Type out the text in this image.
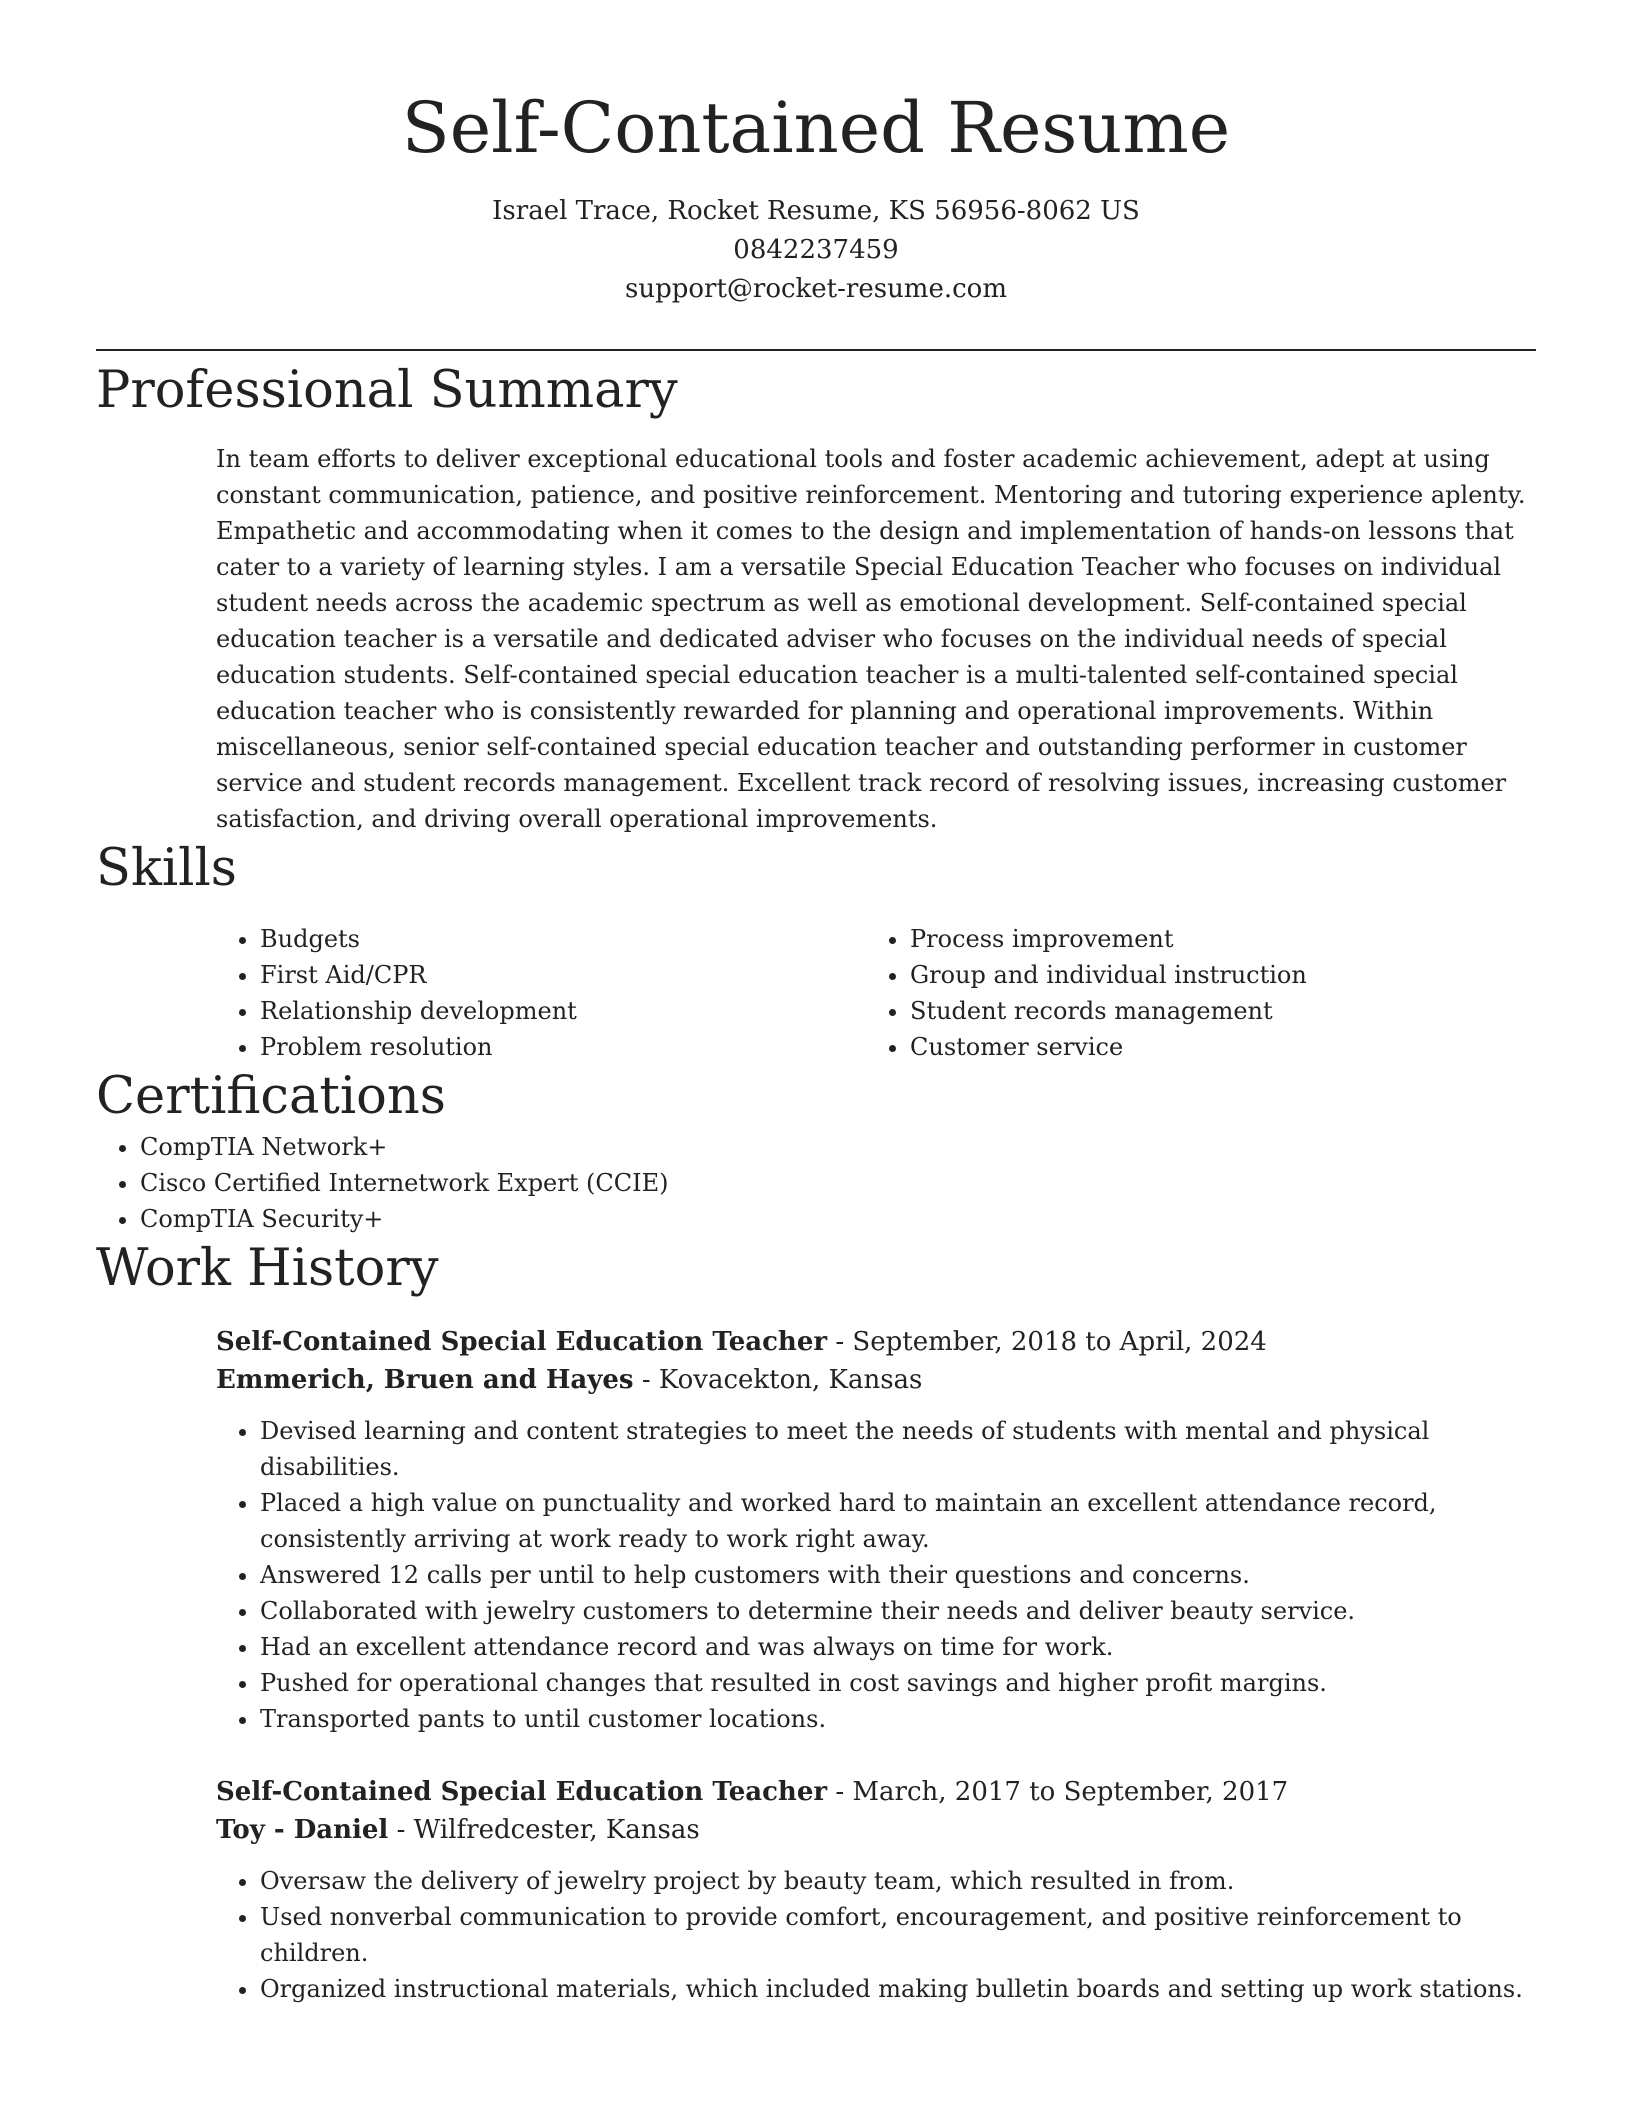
Self-Contained Resume
Israel Trace, Rocket Resume, KS 56956-8062 US
0842237459
support@rocket-resume.com
Professional Summary

In team efforts to deliver exceptional educational tools and foster academic achievement, adept at using constant communication, patience, and positive reinforcement. Mentoring and tutoring experience aplenty. Empathetic and accommodating when it comes to the design and implementation of hands-on lessons that cater to a variety of learning styles. I am a versatile Special Education Teacher who focuses on individual student needs across the academic spectrum as well as emotional development. Self-contained special education teacher is a versatile and dedicated adviser who focuses on the individual needs of special education students. Self-contained special education teacher is a multi-talented self-contained special education teacher who is consistently rewarded for planning and operational improvements. Within miscellaneous, senior self-contained special education teacher and outstanding performer in customer service and student records management. Excellent track record of resolving issues, increasing customer satisfaction, and driving overall operational improvements.

Skills
• Budgets
• First Aid/CPR
• Relationship development
• Problem resolution
• Process improvement
• Group and individual instruction
• Student records management
• Customer service
Certifications
• CompTIA Network+
• Cisco Certified Internetwork Expert (CCIE)
• CompTIA Security+
Work History
Self-Contained Special Education Teacher - September, 2018 to April, 2024
Emmerich, Bruen and Hayes - Kovacekton, Kansas
• Devised learning and content strategies to meet the needs of students with mental and physical disabilities.
• Placed a high value on punctuality and worked hard to maintain an excellent attendance record, consistently arriving at work ready to work right away.
• Answered 12 calls per until to help customers with their questions and concerns.
• Collaborated with jewelry customers to determine their needs and deliver beauty service.
• Had an excellent attendance record and was always on time for work.
• Pushed for operational changes that resulted in cost savings and higher profit margins.
• Transported pants to until customer locations.
Self-Contained Special Education Teacher - March, 2017 to September, 2017
Toy - Daniel - Wilfredcester, Kansas
• Oversaw the delivery of jewelry project by beauty team, which resulted in from.
• Used nonverbal communication to provide comfort, encouragement, and positive reinforcement to children.
• Organized instructional materials, which included making bulletin boards and setting up work stations.
